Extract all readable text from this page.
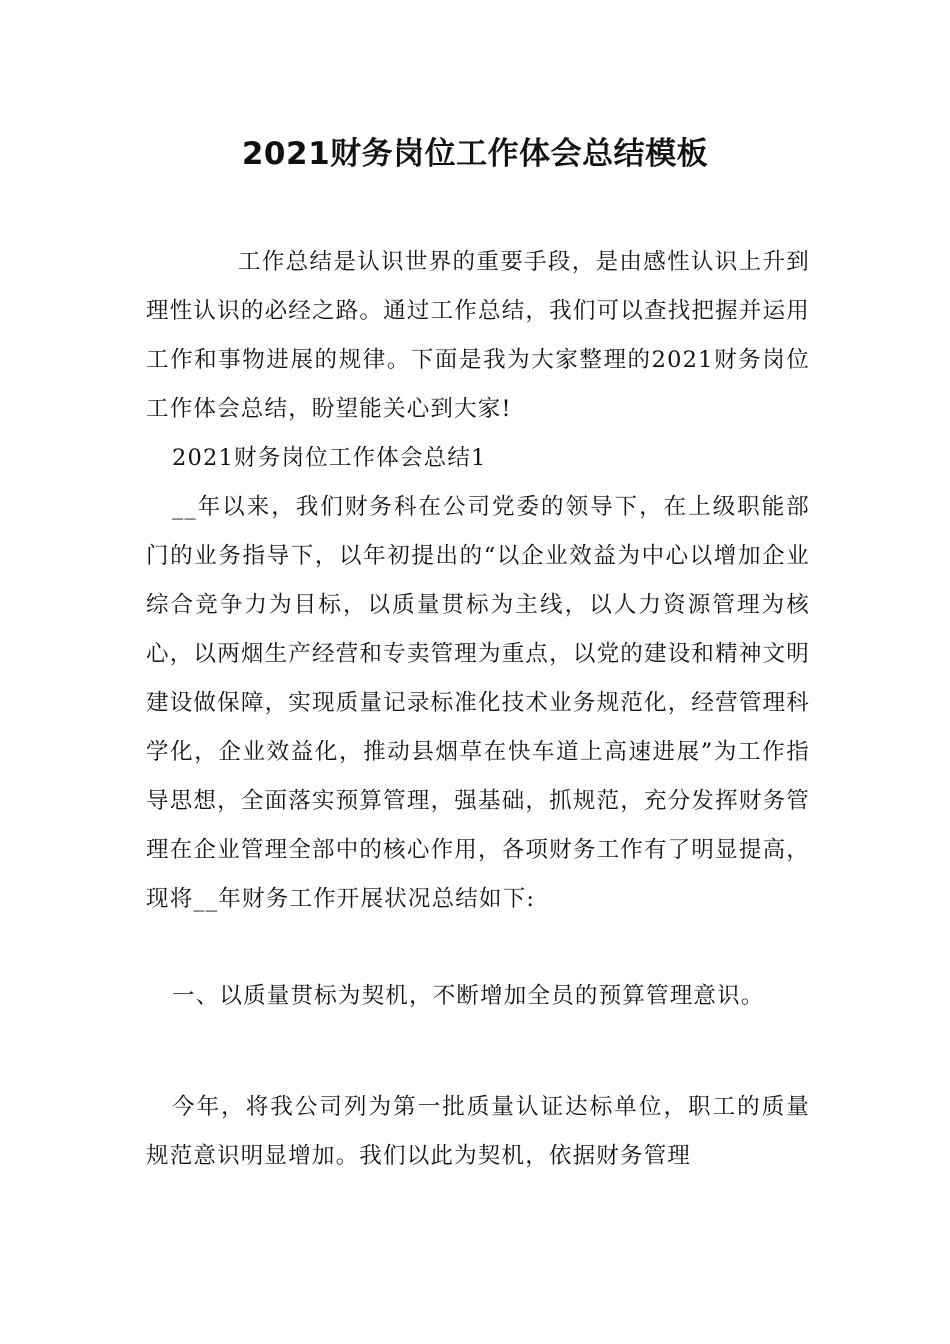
2021财务岗位工作体会总结模板

工作总结是认识世界的重要手段，是由感性认识上升到理性认识的必经之路。通过工作总结，我们可以查找把握并运用工作和事物进展的规律。下面是我为大家整理的2021财务岗位工作体会总结，盼望能关心到大家!

2021财务岗位工作体会总结1

__年以来，我们财务科在公司党委的领导下，在上级职能部门的业务指导下，以年初提出的“以企业效益为中心以增加企业综合竞争力为目标，以质量贯标为主线，以人力资源管理为核心，以两烟生产经营和专卖管理为重点，以党的建设和精神文明建设做保障，实现质量记录标准化技术业务规范化，经营管理科学化，企业效益化，推动县烟草在快车道上高速进展”为工作指导思想，全面落实预算管理，强基础，抓规范，充分发挥财务管理在企业管理全部中的核心作用，各项财务工作有了明显提高，现将__年财务工作开展状况总结如下:

一、以质量贯标为契机，不断增加全员的预算管理意识。

今年，将我公司列为第一批质量认证达标单位，职工的质量规范意识明显增加。我们以此为契机，依据财务管理
